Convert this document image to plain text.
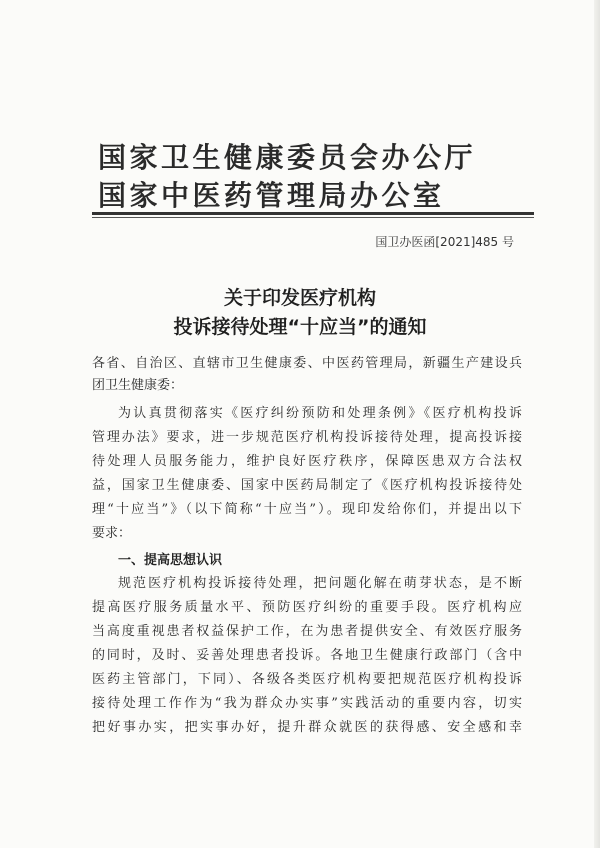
国家卫生健康委员会办公厅
国家中医药管理局办公室
国卫办医函[2021]485 号
关于印发医疗机构
投诉接待处理“十应当”的通知
各省、自治区、直辖市卫生健康委、中医药管理局，新疆生产建设兵
团卫生健康委：
为认真贯彻落实《医疗纠纷预防和处理条例》《医疗机构投诉
管理办法》要求，进一步规范医疗机构投诉接待处理，提高投诉接
待处理人员服务能力，维护良好医疗秩序，保障医患双方合法权
益，国家卫生健康委、国家中医药局制定了《医疗机构投诉接待处
理“十应当”》（以下简称“十应当”）。现印发给你们，并提出以下
要求：
一、提高思想认识
规范医疗机构投诉接待处理，把问题化解在萌芽状态，是不断
提高医疗服务质量水平、预防医疗纠纷的重要手段。医疗机构应
当高度重视患者权益保护工作，在为患者提供安全、有效医疗服务
的同时，及时、妥善处理患者投诉。各地卫生健康行政部门（含中
医药主管部门，下同）、各级各类医疗机构要把规范医疗机构投诉
接待处理工作作为“我为群众办实事”实践活动的重要内容，切实
把好事办实，把实事办好，提升群众就医的获得感、安全感和幸
